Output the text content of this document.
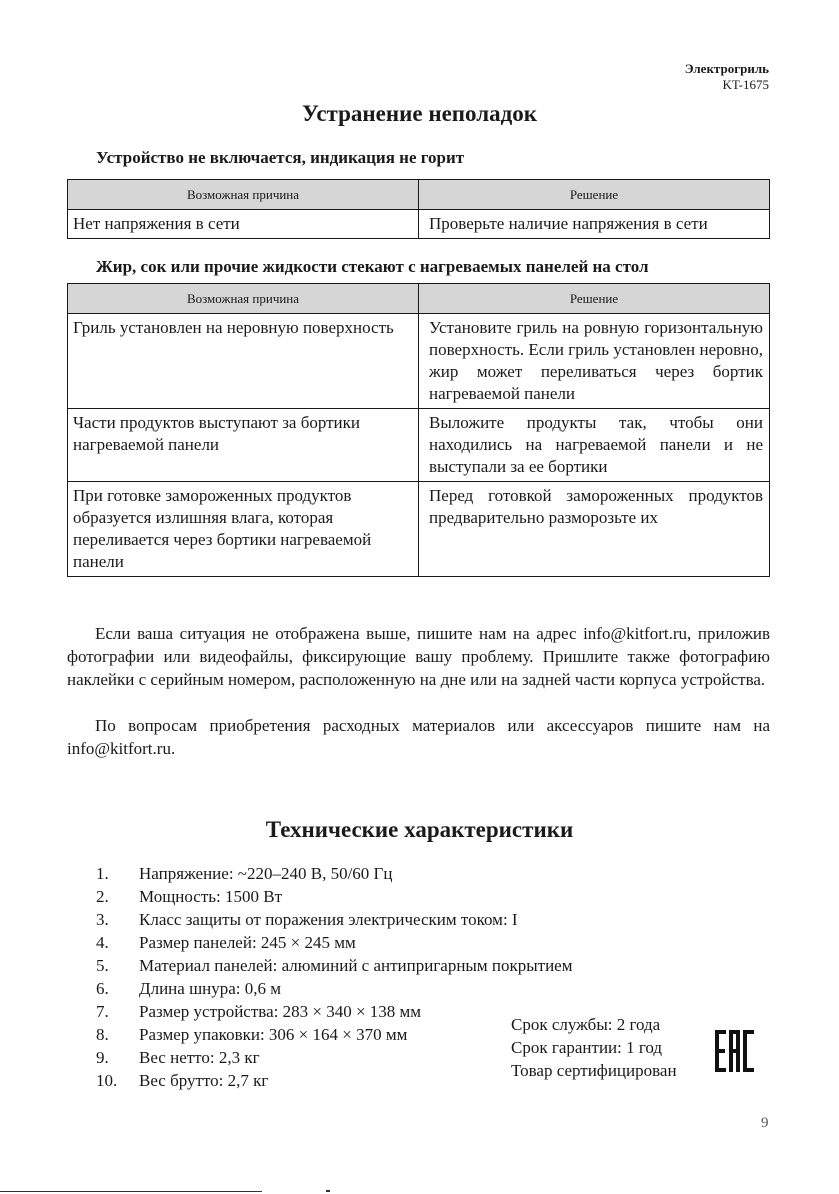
Электрогриль
KT-1675
Устранение неполадок
Устройство не включается, индикация не горит
Возможная причина	Решение
Нет напряжения в сети	Проверьте наличие напряжения в сети
Жир, сок или прочие жидкости стекают с нагреваемых панелей на стол
Возможная причина	Решение
Гриль установлен на неровную поверхность	Установите гриль на ровную горизонтальную поверхность. Если гриль установлен неровно, жир может переливаться через бортик нагреваемой панели
Части продуктов выступают за бортики нагреваемой панели	Выложите продукты так, чтобы они находились на нагреваемой панели и не выступали за ее бортики
При готовке замороженных продуктов образуется излишняя влага, которая переливается через бортики нагреваемой панели	Перед готовкой замороженных продуктов предварительно разморозьте их

Если ваша ситуация не отображена выше, пишите нам на адрес info@kitfort.ru, приложив фотографии или видеофайлы, фиксирующие вашу проблему. Пришлите также фотографию наклейки с серийным номером, расположенную на дне или на задней части корпуса устройства.

По вопросам приобретения расходных материалов или аксессуаров пишите нам на info@kitfort.ru.

Технические характеристики
1. Напряжение: ~220–240 В, 50/60 Гц
2. Мощность: 1500 Вт
3. Класс защиты от поражения электрическим током: I
4. Размер панелей: 245 × 245 мм
5. Материал панелей: алюминий с антипригарным покрытием
6. Длина шнура: 0,6 м
7. Размер устройства: 283 × 340 × 138 мм
8. Размер упаковки: 306 × 164 × 370 мм
9. Вес нетто: 2,3 кг
10. Вес брутто: 2,7 кг
Срок службы: 2 года
Срок гарантии: 1 год
Товар сертифицирован
9
